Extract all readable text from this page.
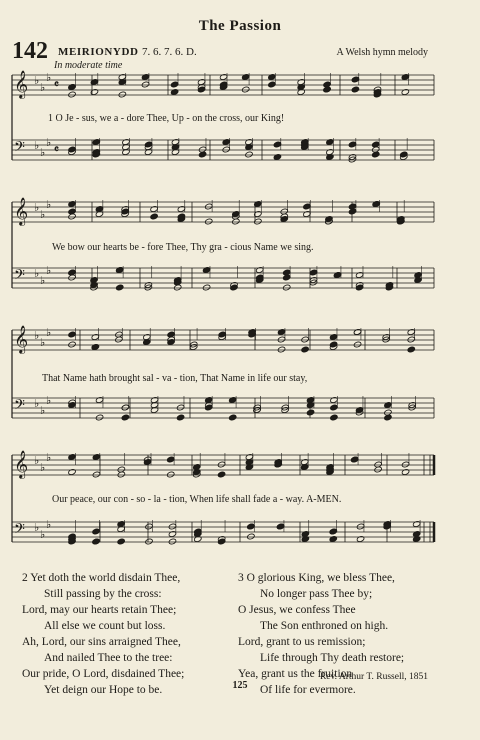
The Passion
142 MEIRIONYDD 7. 6. 7. 6. D.	A Welsh hymn melody
In moderate time
𝄞 ♭
♭
♭
𝄴
𝄢 ♭
♭
♭
𝄴
𝄞 ♭
♭
♭
𝄢 ♭
♭
♭
𝄞 ♭
♭
♭
𝄢 ♭
♭
♭
𝄞 ♭
♭
♭
𝄢 ♭
♭
♭
1 O Je - sus, we a - dore Thee, Up - on the cross, our King!
We bow our hearts be - fore Thee, Thy gra - cious Name we sing.
That Name hath brought sal - va - tion, That Name in life our stay,
Our peace, our con - so - la - tion, When life shall fade a - way. A-MEN.
2 Yet doth the world disdain Thee,
Still passing by the cross:
Lord, may our hearts retain Thee;
All else we count but loss.
Ah, Lord, our sins arraigned Thee,
And nailed Thee to the tree:
Our pride, O Lord, disdained Thee;
Yet deign our Hope to be.
3 O glorious King, we bless Thee,
No longer pass Thee by;
O Jesus, we confess Thee
The Son enthroned on high.
Lord, grant to us remission;
Life through Thy death restore;
Yea, grant us the fruition
Of life for evermore.
Rev. Arthur T. Russell, 1851
125
